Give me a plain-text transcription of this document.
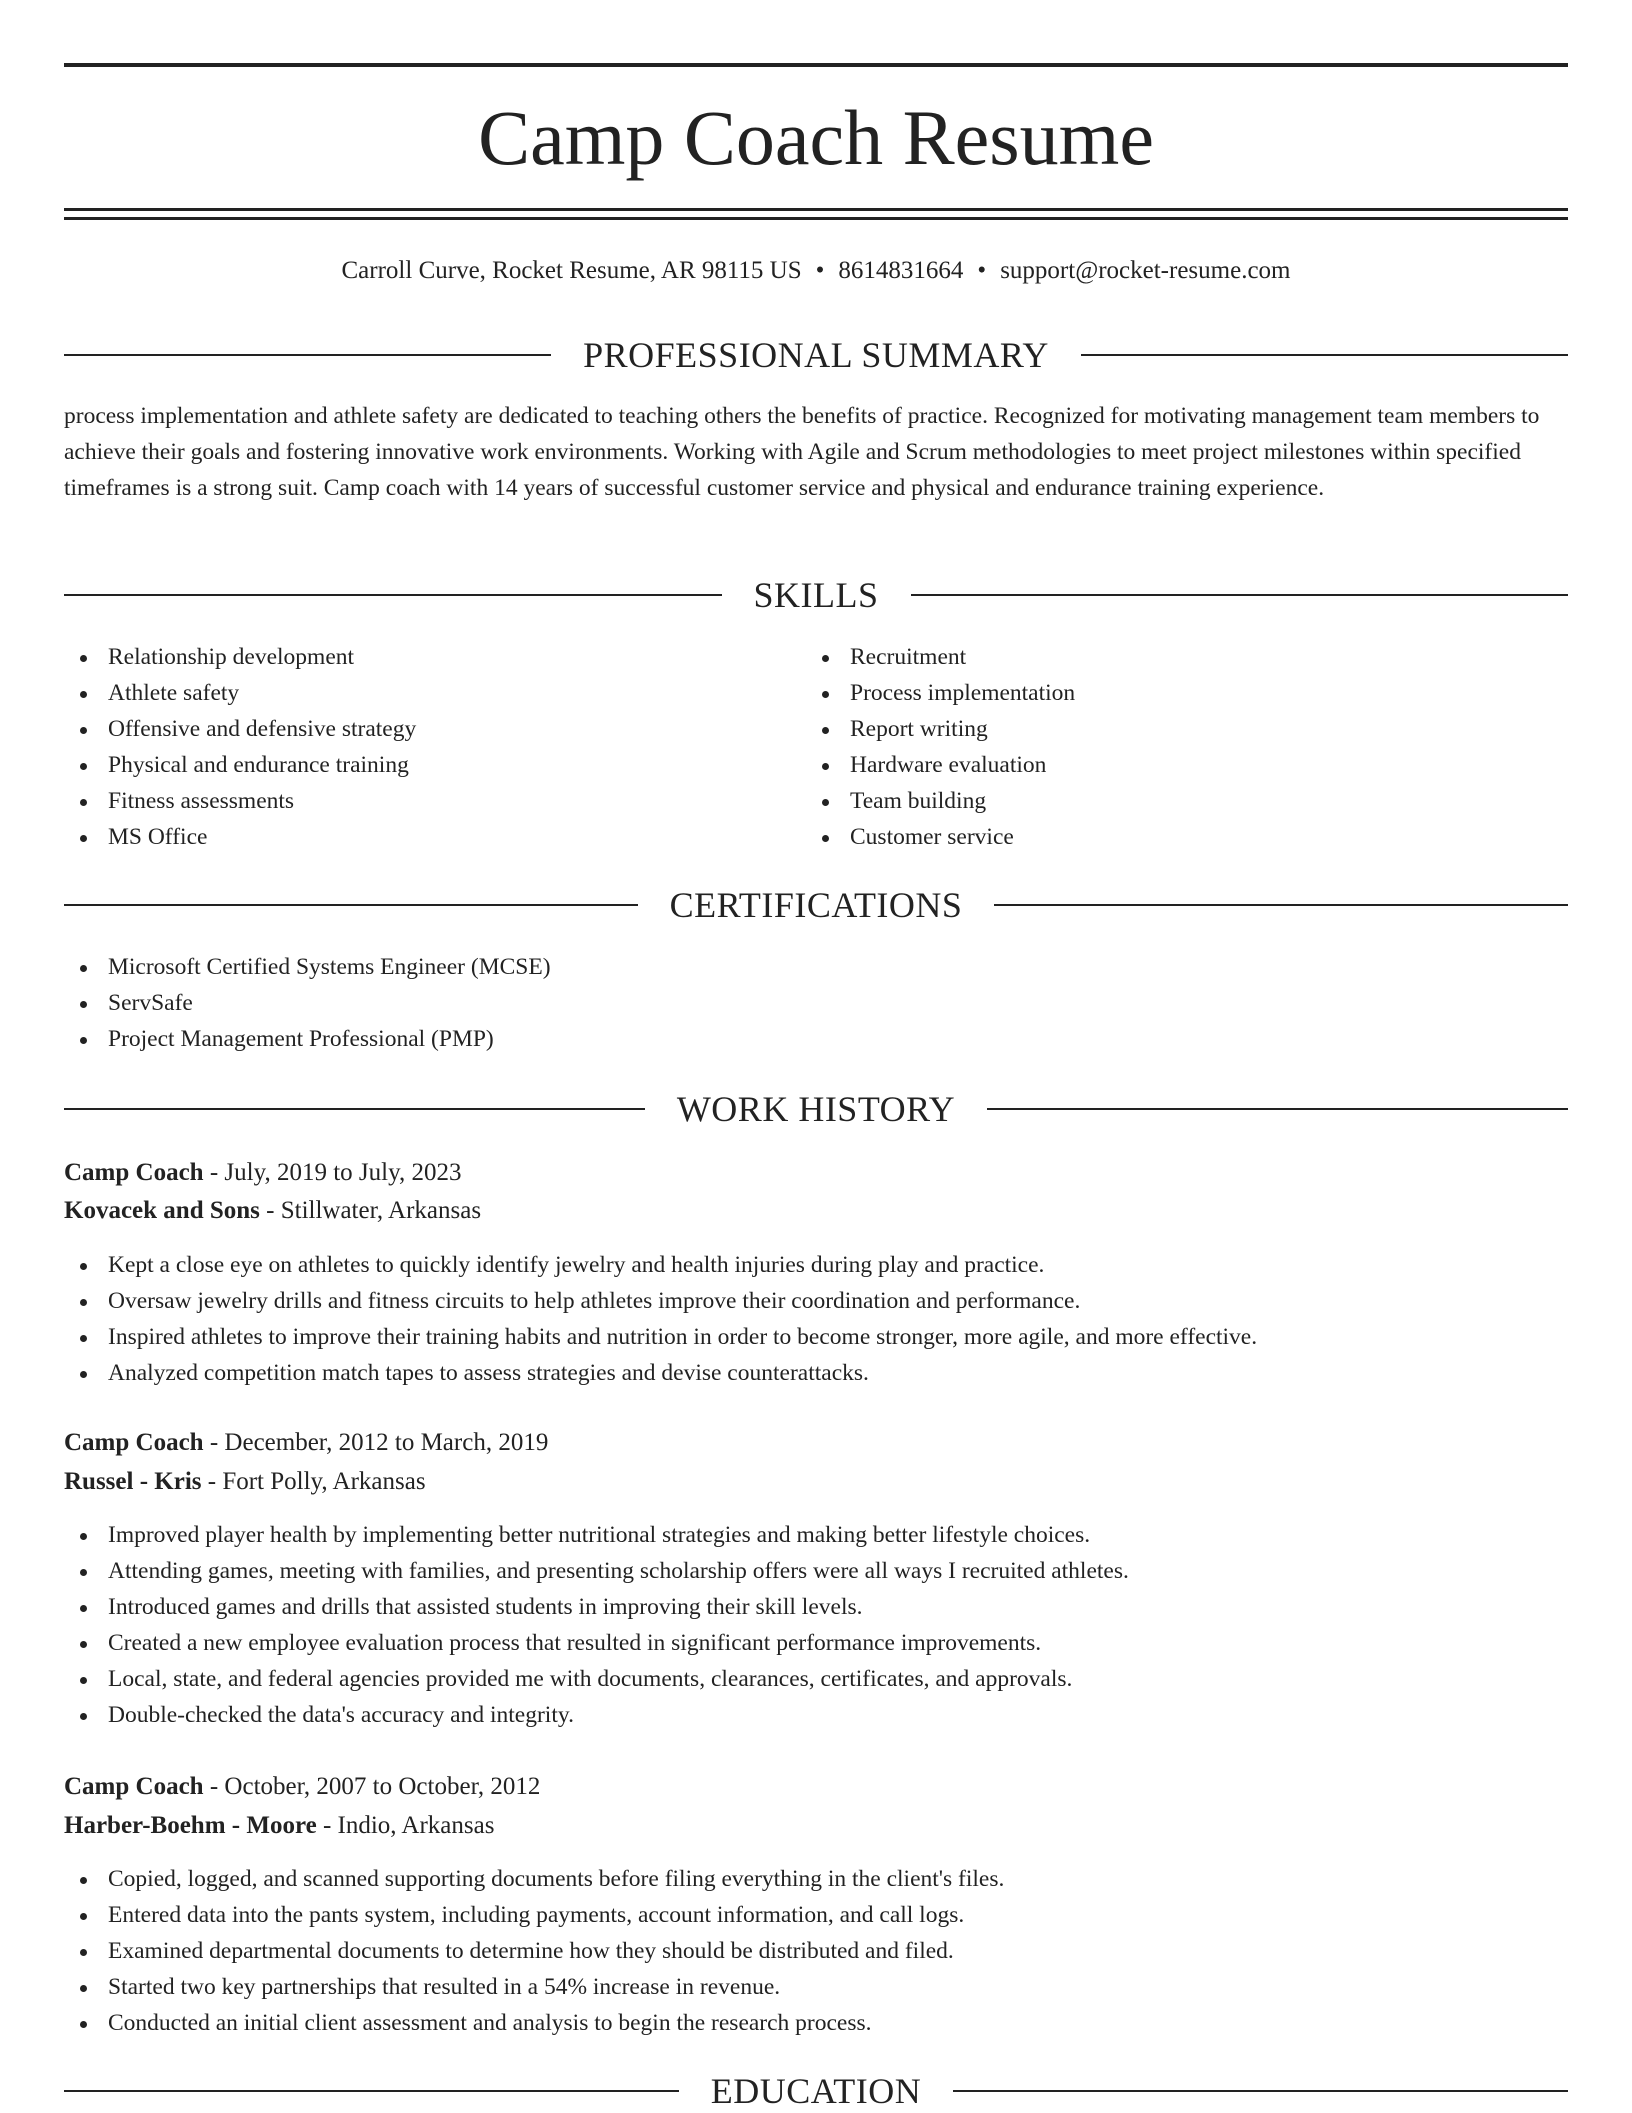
Camp Coach Resume
Carroll Curve, Rocket Resume, AR 98115 US • 8614831664 • support@rocket-resume.com
PROFESSIONAL SUMMARY

process implementation and athlete safety are dedicated to teaching others the benefits of practice. Recognized for motivating management team members to achieve their goals and fostering innovative work environments. Working with Agile and Scrum methodologies to meet project milestones within specified timeframes is a strong suit. Camp coach with 14 years of successful customer service and physical and endurance training experience.

SKILLS
Relationship development
Athlete safety
Offensive and defensive strategy
Physical and endurance training
Fitness assessments
MS Office
Recruitment
Process implementation
Report writing
Hardware evaluation
Team building
Customer service
CERTIFICATIONS
Microsoft Certified Systems Engineer (MCSE)
ServSafe
Project Management Professional (PMP)
WORK HISTORY
Camp Coach - July, 2019 to July, 2023
Kovacek and Sons - Stillwater, Arkansas
Kept a close eye on athletes to quickly identify jewelry and health injuries during play and practice.
Oversaw jewelry drills and fitness circuits to help athletes improve their coordination and performance.
Inspired athletes to improve their training habits and nutrition in order to become stronger, more agile, and more effective.
Analyzed competition match tapes to assess strategies and devise counterattacks.
Camp Coach - December, 2012 to March, 2019
Russel - Kris - Fort Polly, Arkansas
Improved player health by implementing better nutritional strategies and making better lifestyle choices.
Attending games, meeting with families, and presenting scholarship offers were all ways I recruited athletes.
Introduced games and drills that assisted students in improving their skill levels.
Created a new employee evaluation process that resulted in significant performance improvements.
Local, state, and federal agencies provided me with documents, clearances, certificates, and approvals.
Double-checked the data's accuracy and integrity.
Camp Coach - October, 2007 to October, 2012
Harber-Boehm - Moore - Indio, Arkansas
Copied, logged, and scanned supporting documents before filing everything in the client's files.
Entered data into the pants system, including payments, account information, and call logs.
Examined departmental documents to determine how they should be distributed and filed.
Started two key partnerships that resulted in a 54% increase in revenue.
Conducted an initial client assessment and analysis to begin the research process.
EDUCATION
